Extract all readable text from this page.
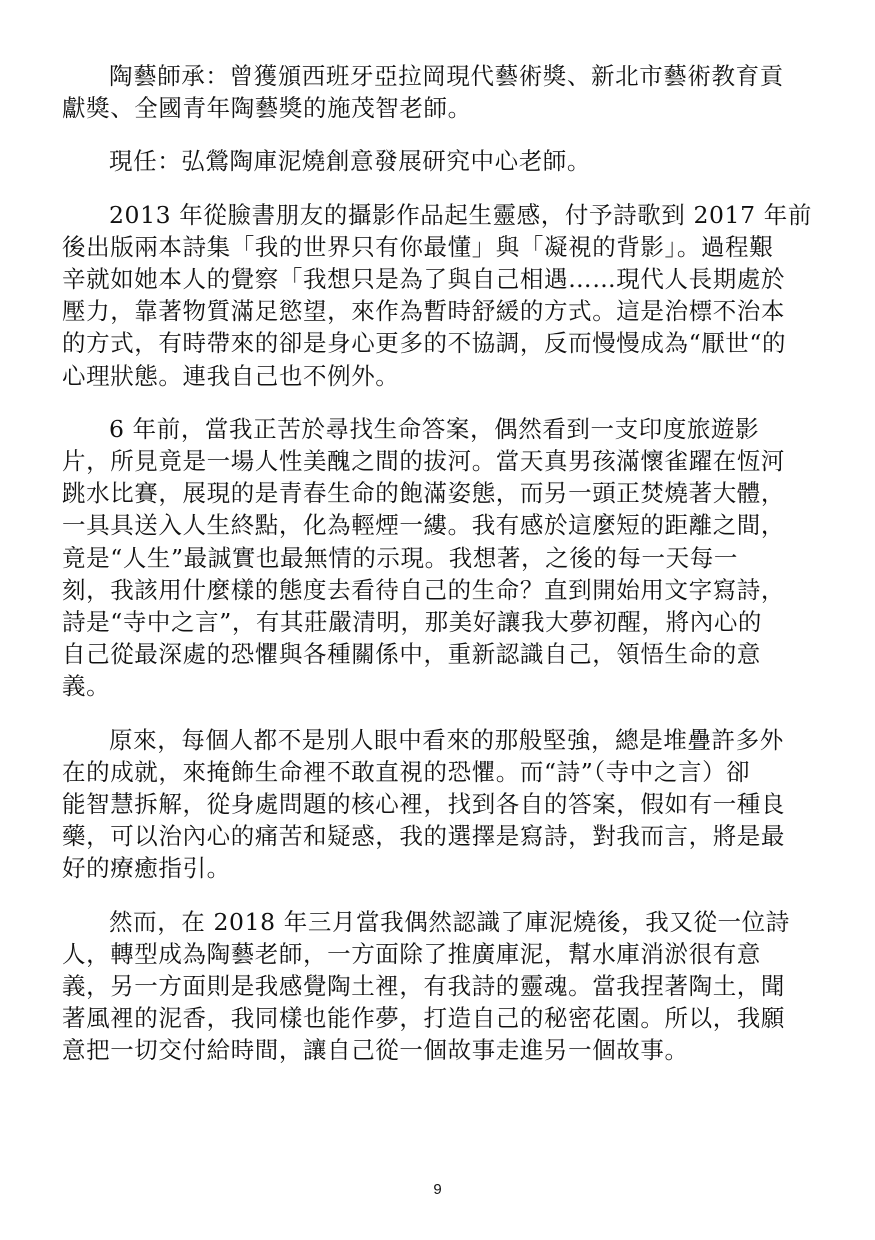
陶藝師承：曾獲頒西班牙亞拉岡現代藝術獎、新北市藝術教育貢
獻獎、全國青年陶藝獎的施茂智老師。

現任：弘鶯陶庫泥燒創意發展研究中心老師。

2013 年從臉書朋友的攝影作品起生靈感，付予詩歌到 2017 年前
後出版兩本詩集「我的世界只有你最懂」與「凝視的背影」。過程艱
辛就如她本人的覺察「我想只是為了與自己相遇……現代人長期處於
壓力，靠著物質滿足慾望，來作為暫時舒緩的方式。這是治標不治本
的方式，有時帶來的卻是身心更多的不協調，反而慢慢成為“厭世“的
心理狀態。連我自己也不例外。

6 年前，當我正苦於尋找生命答案，偶然看到一支印度旅遊影
片，所見竟是一場人性美醜之間的拔河。當天真男孩滿懷雀躍在恆河
跳水比賽，展現的是青春生命的飽滿姿態，而另一頭正焚燒著大體，
一具具送入人生終點，化為輕煙一縷。我有感於這麼短的距離之間，
竟是“人生”最誠實也最無情的示現。我想著，之後的每一天每一
刻，我該用什麼樣的態度去看待自己的生命？直到開始用文字寫詩，
詩是“寺中之言”，有其莊嚴清明，那美好讓我大夢初醒，將內心的
自己從最深處的恐懼與各種關係中，重新認識自己，領悟生命的意
義。

原來，每個人都不是別人眼中看來的那般堅強，總是堆疊許多外
在的成就，來掩飾生命裡不敢直視的恐懼。而“詩”（寺中之言）卻
能智慧拆解，從身處問題的核心裡，找到各自的答案，假如有一種良
藥，可以治內心的痛苦和疑惑，我的選擇是寫詩，對我而言，將是最
好的療癒指引。

然而，在 2018 年三月當我偶然認識了庫泥燒後，我又從一位詩
人，轉型成為陶藝老師，一方面除了推廣庫泥，幫水庫消淤很有意
義，另一方面則是我感覺陶土裡，有我詩的靈魂。當我捏著陶土，聞
著風裡的泥香，我同樣也能作夢，打造自己的秘密花園。所以，我願
意把一切交付給時間，讓自己從一個故事走進另一個故事。

9
